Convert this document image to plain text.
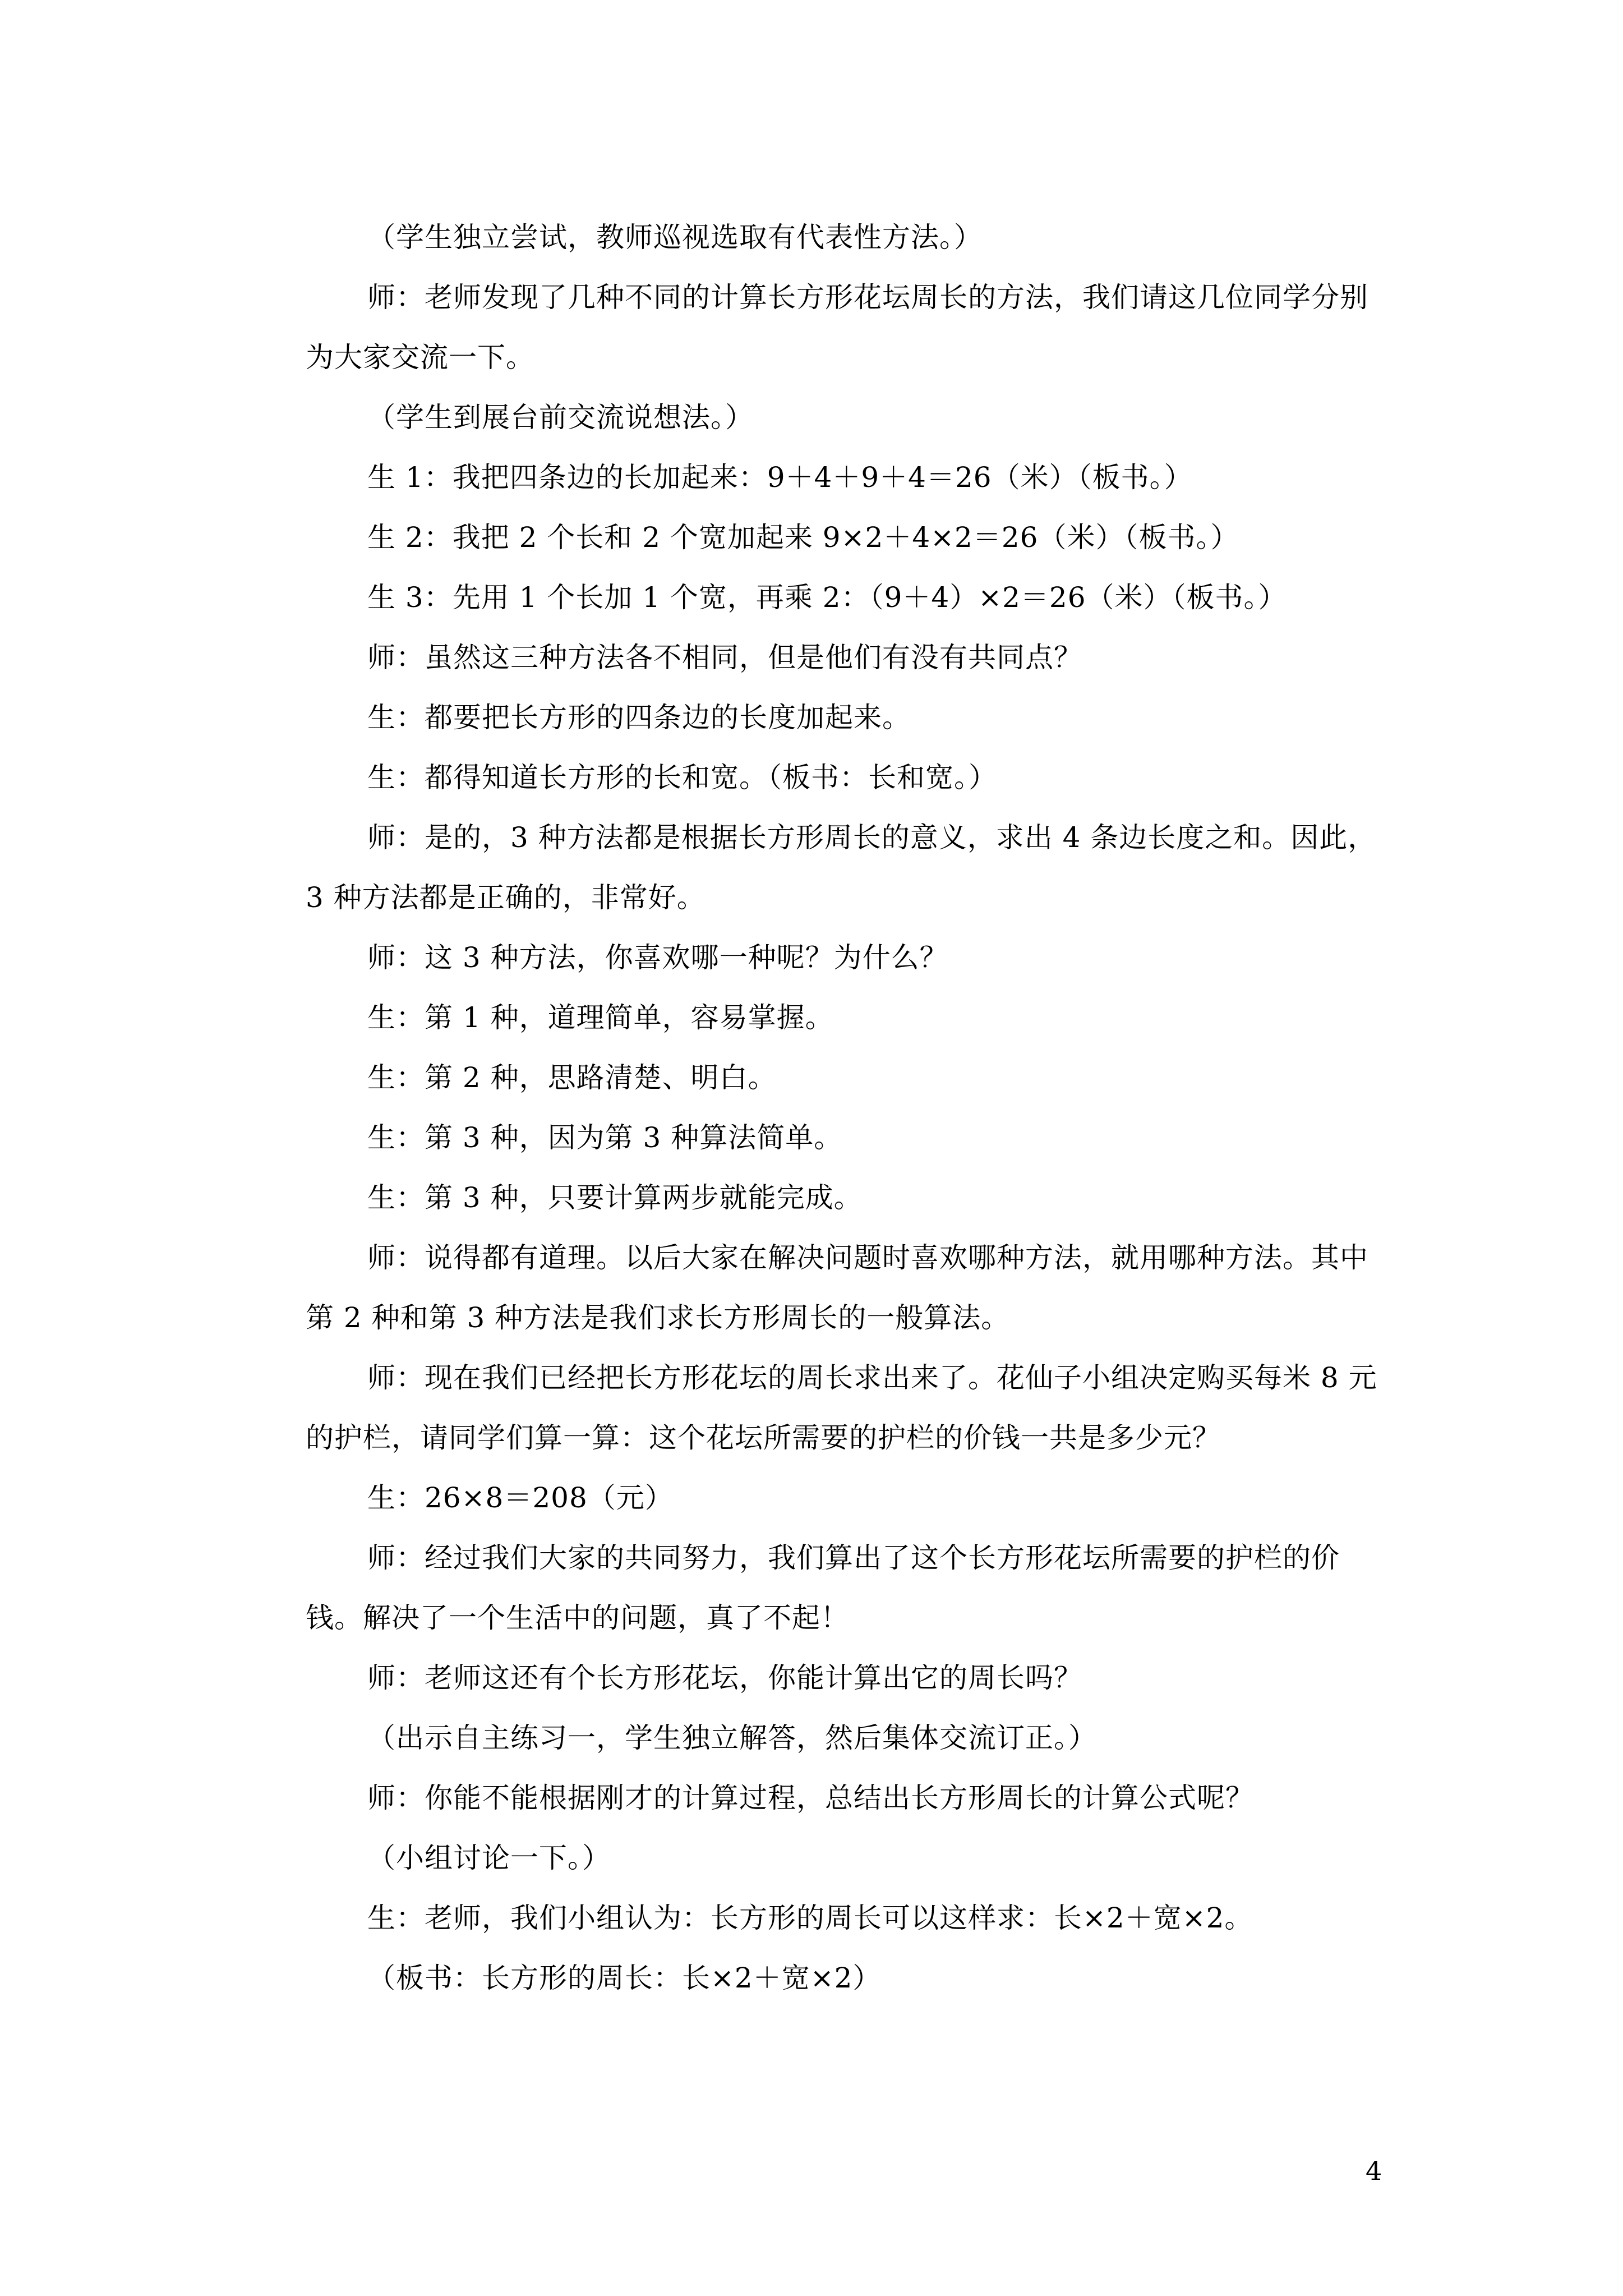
（学生独立尝试，教师巡视选取有代表性方法。）

师：老师发现了几种不同的计算长方形花坛周长的方法，我们请这几位同学分别为大家交流一下。

（学生到展台前交流说想法。）

生 1：我把四条边的长加起来：9＋4＋9＋4＝26（米）（板书。）

生 2：我把 2 个长和 2 个宽加起来 9×2＋4×2＝26（米）（板书。）

生 3：先用 1 个长加 1 个宽，再乘 2：（9＋4）×2＝26（米）（板书。）

师：虽然这三种方法各不相同，但是他们有没有共同点？

生：都要把长方形的四条边的长度加起来。

生：都得知道长方形的长和宽。（板书：长和宽。）

师：是的，3 种方法都是根据长方形周长的意义，求出 4 条边长度之和。因此，3 种方法都是正确的，非常好。

师：这 3 种方法，你喜欢哪一种呢？为什么？

生：第 1 种，道理简单，容易掌握。

生：第 2 种，思路清楚、明白。

生：第 3 种，因为第 3 种算法简单。

生：第 3 种，只要计算两步就能完成。

师：说得都有道理。以后大家在解决问题时喜欢哪种方法，就用哪种方法。其中第 2 种和第 3 种方法是我们求长方形周长的一般算法。

师：现在我们已经把长方形花坛的周长求出来了。花仙子小组决定购买每米 8 元的护栏，请同学们算一算：这个花坛所需要的护栏的价钱一共是多少元？

生：26×8＝208（元）

师：经过我们大家的共同努力，我们算出了这个长方形花坛所需要的护栏的价钱。解决了一个生活中的问题，真了不起！

师：老师这还有个长方形花坛，你能计算出它的周长吗？

（出示自主练习一，学生独立解答，然后集体交流订正。）

师：你能不能根据刚才的计算过程，总结出长方形周长的计算公式呢？

（小组讨论一下。）

生：老师，我们小组认为：长方形的周长可以这样求：长×2＋宽×2。

（板书：长方形的周长：长×2＋宽×2）

4
